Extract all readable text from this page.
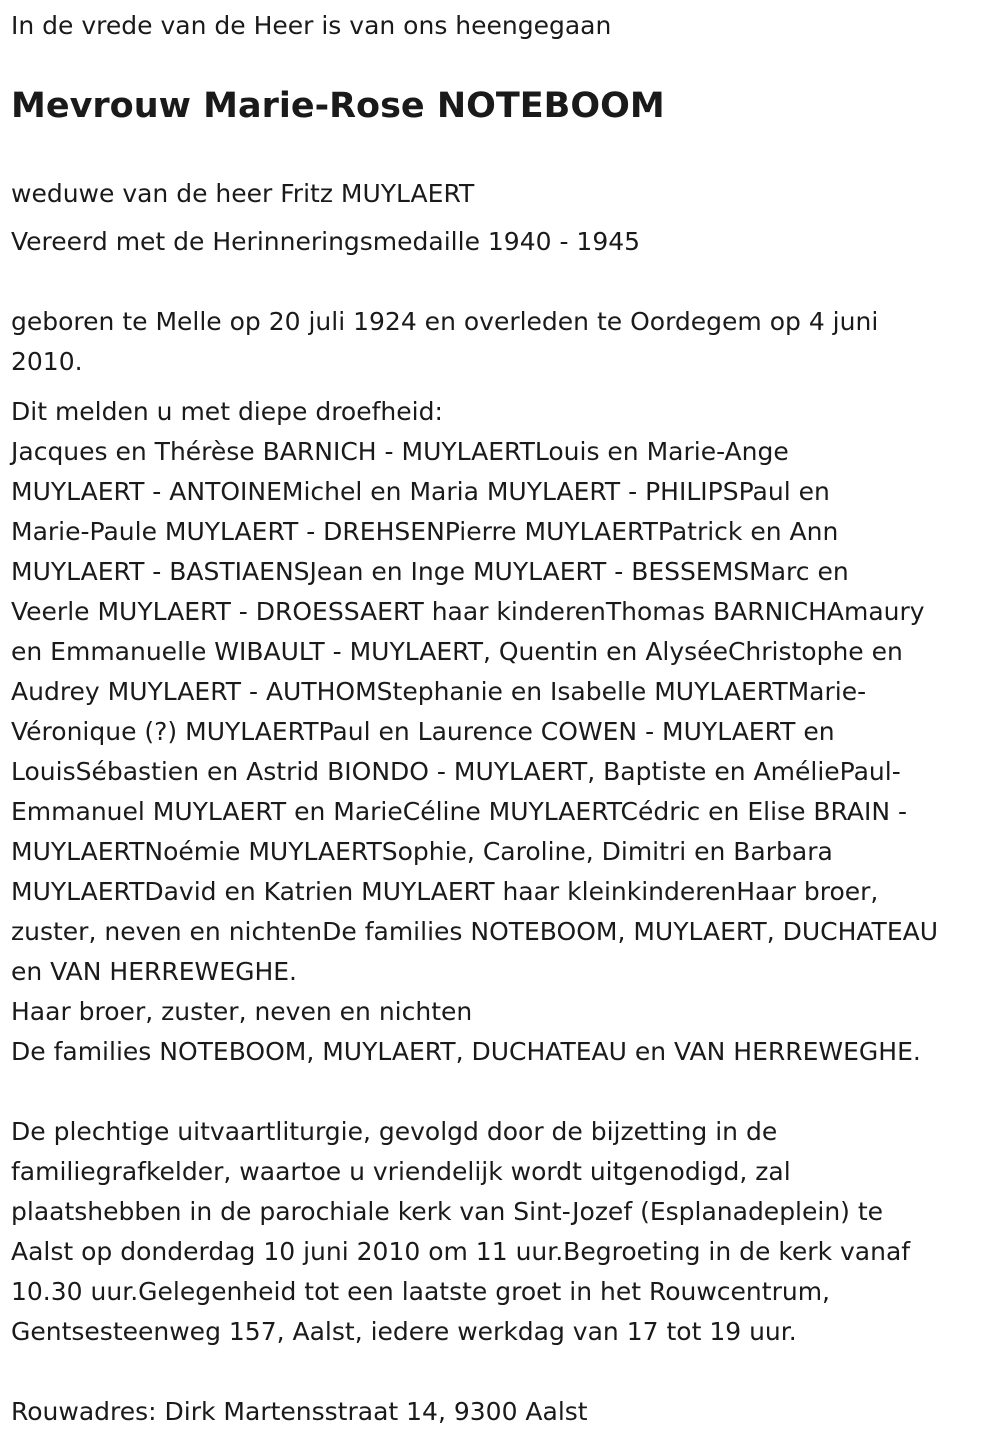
In de vrede van de Heer is van ons heengegaan

Mevrouw Marie-Rose NOTEBOOM

weduwe van de heer Fritz MUYLAERT

Vereerd met de Herinneringsmedaille 1940 - 1945

geboren te Melle op 20 juli 1924 en overleden te Oordegem op 4 juni

2010.

Dit melden u met diepe droefheid:

Jacques en Thérèse BARNICH - MUYLAERTLouis en Marie-Ange

MUYLAERT - ANTOINEMichel en Maria MUYLAERT - PHILIPSPaul en

Marie-Paule MUYLAERT - DREHSENPierre MUYLAERTPatrick en Ann

MUYLAERT - BASTIAENSJean en Inge MUYLAERT - BESSEMSMarc en

Veerle MUYLAERT - DROESSAERT haar kinderenThomas BARNICHAmaury

en Emmanuelle WIBAULT - MUYLAERT, Quentin en AlyséeChristophe en

Audrey MUYLAERT - AUTHOMStephanie en Isabelle MUYLAERTMarie-

Véronique (?) MUYLAERTPaul en Laurence COWEN - MUYLAERT en

LouisSébastien en Astrid BIONDO - MUYLAERT, Baptiste en AméliePaul-

Emmanuel MUYLAERT en MarieCéline MUYLAERTCédric en Elise BRAIN -

MUYLAERTNoémie MUYLAERTSophie, Caroline, Dimitri en Barbara

MUYLAERTDavid en Katrien MUYLAERT haar kleinkinderenHaar broer,

zuster, neven en nichtenDe families NOTEBOOM, MUYLAERT, DUCHATEAU

en VAN HERREWEGHE.

Haar broer, zuster, neven en nichten

De families NOTEBOOM, MUYLAERT, DUCHATEAU en VAN HERREWEGHE.

De plechtige uitvaartliturgie, gevolgd door de bijzetting in de

familiegrafkelder, waartoe u vriendelijk wordt uitgenodigd, zal

plaatshebben in de parochiale kerk van Sint-Jozef (Esplanadeplein) te

Aalst op donderdag 10 juni 2010 om 11 uur.Begroeting in de kerk vanaf

10.30 uur.Gelegenheid tot een laatste groet in het Rouwcentrum,

Gentsesteenweg 157, Aalst, iedere werkdag van 17 tot 19 uur.

Rouwadres: Dirk Martensstraat 14, 9300 Aalst
